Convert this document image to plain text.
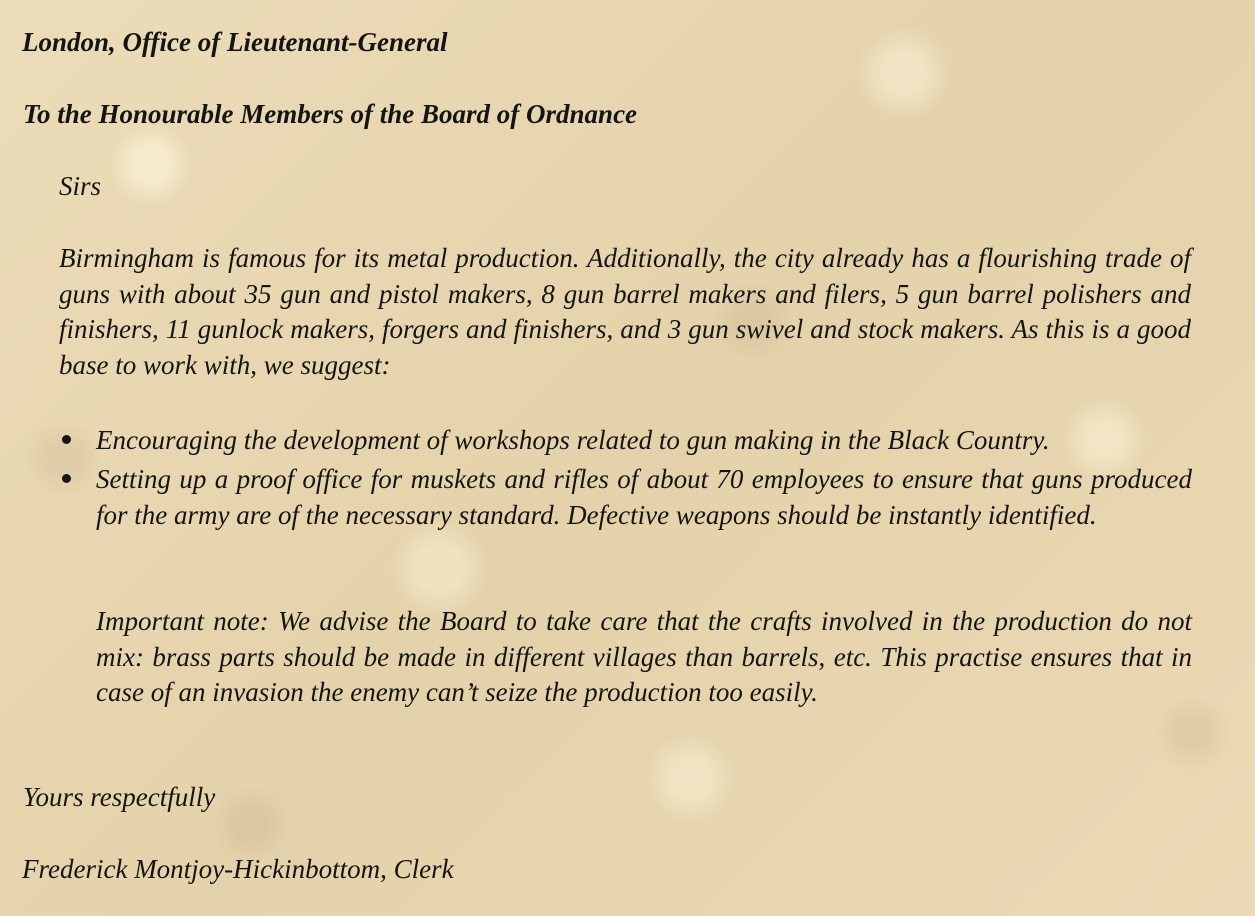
London, Office of Lieutenant-General

To the Honourable Members of the Board of Ordnance

Sirs

Birmingham is famous for its metal production. Additionally, the city already has a flourishing trade of guns with about 35 gun and pistol makers, 8 gun barrel makers and filers, 5 gun barrel polishers and finishers, 11 gunlock makers, forgers and finishers, and 3 gun swivel and stock makers. As this is a good base to work with, we suggest:

Encouraging the development of workshops related to gun making in the Black Country.

Setting up a proof office for muskets and rifles of about 70 employees to ensure that guns produced for the army are of the necessary standard. Defective weapons should be instantly identified.

Important note: We advise the Board to take care that the crafts involved in the production do not mix: brass parts should be made in different villages than barrels, etc. This practise ensures that in case of an invasion the enemy can’t seize the production too easily.

Yours respectfully

Frederick Montjoy-Hickinbottom, Clerk
